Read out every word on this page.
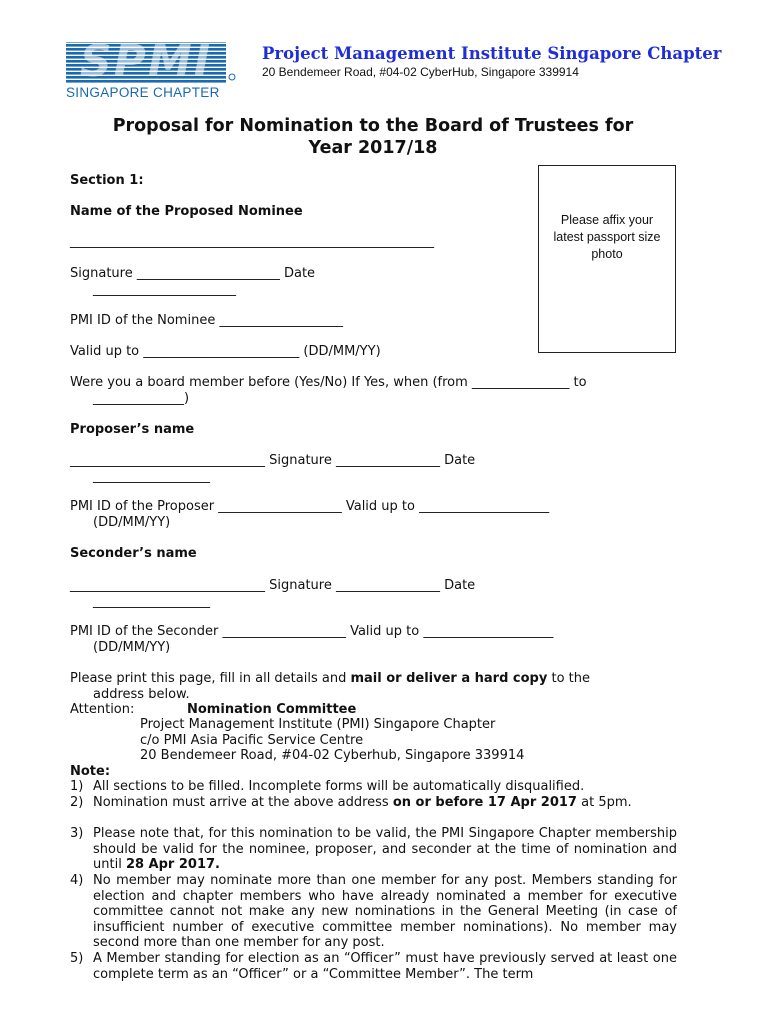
SPMI
SINGAPORE CHAPTER
Project Management Institute Singapore Chapter
20 Bendemeer Road, #04-02 CyberHub, Singapore 339914
Proposal for Nomination to the Board of Trustees for
Year 2017/18
Please affix your
latest passport size
photo
Section 1:
Name of the Proposed Nominee
________________________________________________________
Signature ______________________ Date
______________________
PMI ID of the Nominee ___________________
Valid up to ________________________ (DD/MM/YY)
Were you a board member before (Yes/No) If Yes, when (from _______________ to
______________)
Proposer’s name
______________________________ Signature ________________ Date
__________________
PMI ID of the Proposer ___________________ Valid up to ____________________
(DD/MM/YY)
Seconder’s name
______________________________ Signature ________________ Date
__________________
PMI ID of the Seconder ___________________ Valid up to ____________________
(DD/MM/YY)
Please print this page, fill in all details and mail or deliver a hard copy to the
address below.
Attention:	Nomination Committee
Project Management Institute (PMI) Singapore Chapter
c/o PMI Asia Pacific Service Centre
20 Bendemeer Road, #04-02 Cyberhub, Singapore 339914
Note:
1) All sections to be filled. Incomplete forms will be automatically disqualified.
2) Nomination must arrive at the above address on or before 17 Apr 2017 at 5pm.
3) Please note that, for this nomination to be valid, the PMI Singapore Chapter membership should be valid for the nominee, proposer, and seconder at the time of nomination and until 28 Apr 2017.
4) No member may nominate more than one member for any post. Members standing for election and chapter members who have already nominated a member for executive committee cannot not make any new nominations in the General Meeting (in case of insufficient number of executive committee member nominations). No member may second more than one member for any post.
5) A Member standing for election as an “Officer” must have previously served at least one complete term as an “Officer” or a “Committee Member”. The term
